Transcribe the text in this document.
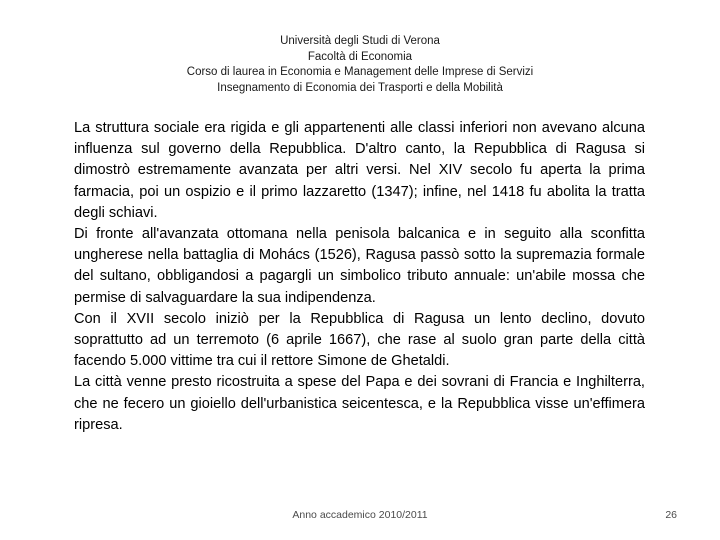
Università degli Studi di Verona
Facoltà di Economia
Corso di laurea in Economia e Management delle Imprese di Servizi
Insegnamento di Economia dei Trasporti e della Mobilità

La struttura sociale era rigida e gli appartenenti alle classi inferiori non avevano alcuna influenza sul governo della Repubblica. D'altro canto, la Repubblica di Ragusa si dimostrò estremamente avanzata per altri versi. Nel XIV secolo fu aperta la prima farmacia, poi un ospizio e il primo lazzaretto (1347); infine, nel 1418 fu abolita la tratta degli schiavi.

Di fronte all'avanzata ottomana nella penisola balcanica e in seguito alla sconfitta ungherese nella battaglia di Mohács (1526), Ragusa passò sotto la supremazia formale del sultano, obbligandosi a pagargli un simbolico tributo annuale: un'abile mossa che permise di salvaguardare la sua indipendenza.

Con il XVII secolo iniziò per la Repubblica di Ragusa un lento declino, dovuto soprattutto ad un terremoto (6 aprile 1667), che rase al suolo gran parte della città facendo 5.000 vittime tra cui il rettore Simone de Ghetaldi.

La città venne presto ricostruita a spese del Papa e dei sovrani di Francia e Inghilterra, che ne fecero un gioiello dell'urbanistica seicentesca, e la Repubblica visse un'effimera ripresa.

Anno accademico 2010/2011	26
